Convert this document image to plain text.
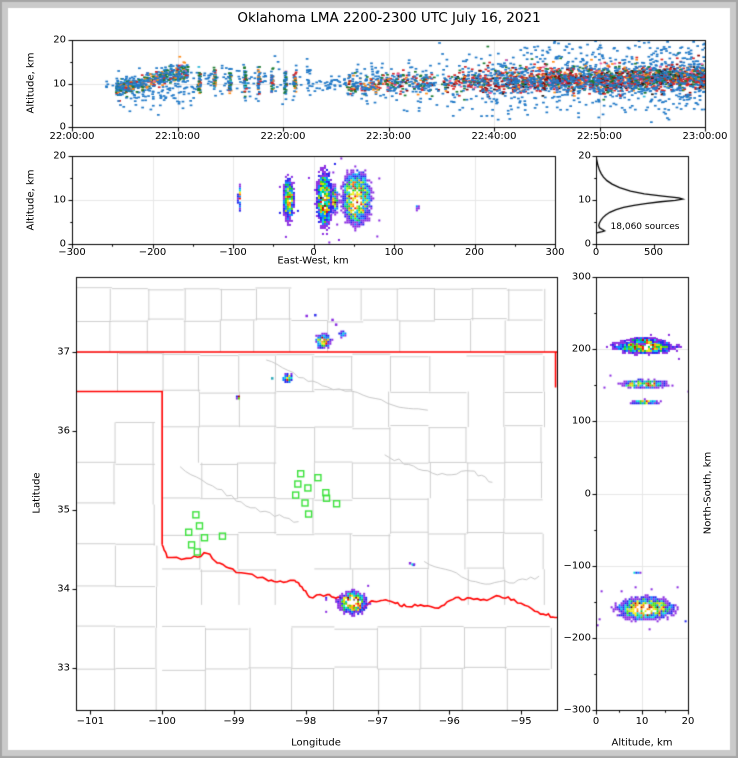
Oklahoma LMA 2200-2300 UTC July 16, 2021
Altitude, km
Altitude, km
East-West, km
18,060 sources
Latitude
Longitude	Altitude, km
North-South, km
22:00:00	22:10:00	22:20:00	22:30:00	22:40:00	22:50:00	23:00:00
0
10
20
−300	−200	−100	0	100	200	300
0
10
20
0	500
20
10
0
−101	−100	−99	−98	−97	−96	−95
33
34
35
36
37
0	10	20
300
200
100
0
−100
−200
−300
